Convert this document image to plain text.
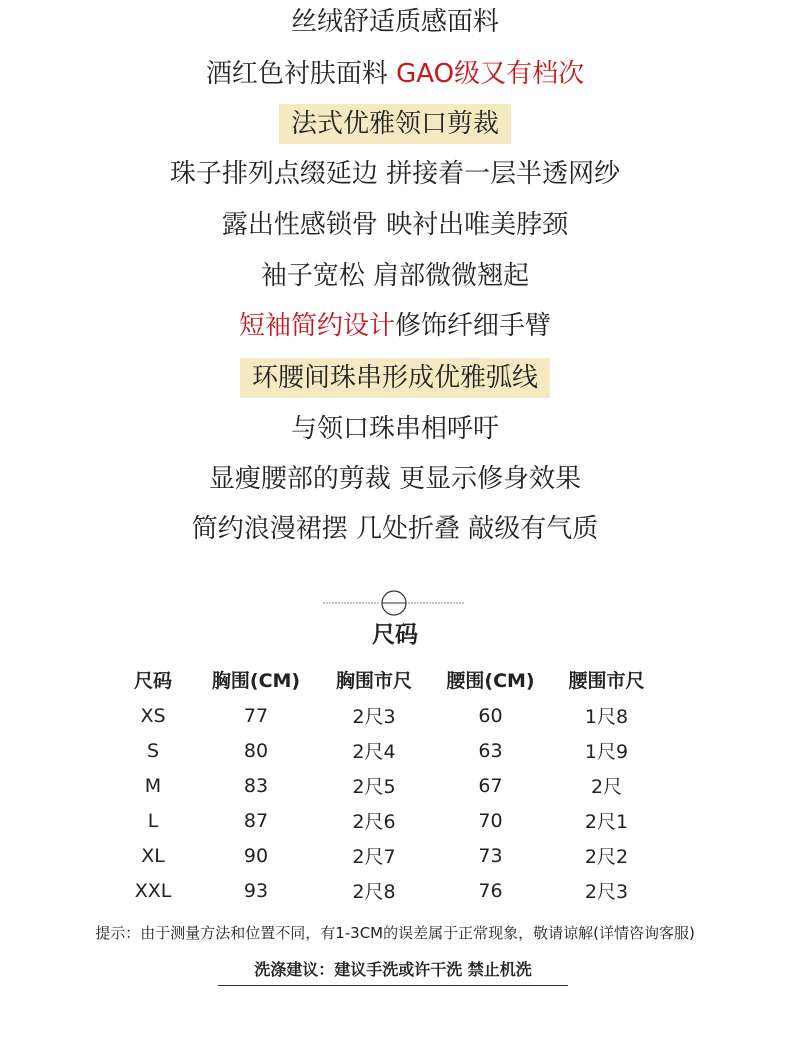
丝绒舒适质感面料
酒红色衬肤面料 GAO级又有档次
法式优雅领口剪裁
珠子排列点缀延边 拼接着一层半透网纱
露出性感锁骨 映衬出唯美脖颈
袖子宽松 肩部微微翘起
短袖简约设计修饰纤细手臂
环腰间珠串形成优雅弧线
与领口珠串相呼吁
显瘦腰部的剪裁 更显示修身效果
简约浪漫裙摆 几处折叠 敲级有气质
尺码
尺码	胸围(CM)	胸围市尺	腰围(CM)	腰围市尺
XS	77	2尺3	60	1尺8
S	80	2尺4	63	1尺9
M	83	2尺5	67	2尺
L	87	2尺6	70	2尺1
XL	90	2尺7	73	2尺2
XXL	93	2尺8	76	2尺3
提示：由于测量方法和位置不同，有1-3CM的误差属于正常现象，敬请谅解(详情咨询客服)
洗涤建议：建议手洗或许干洗 禁止机洗
